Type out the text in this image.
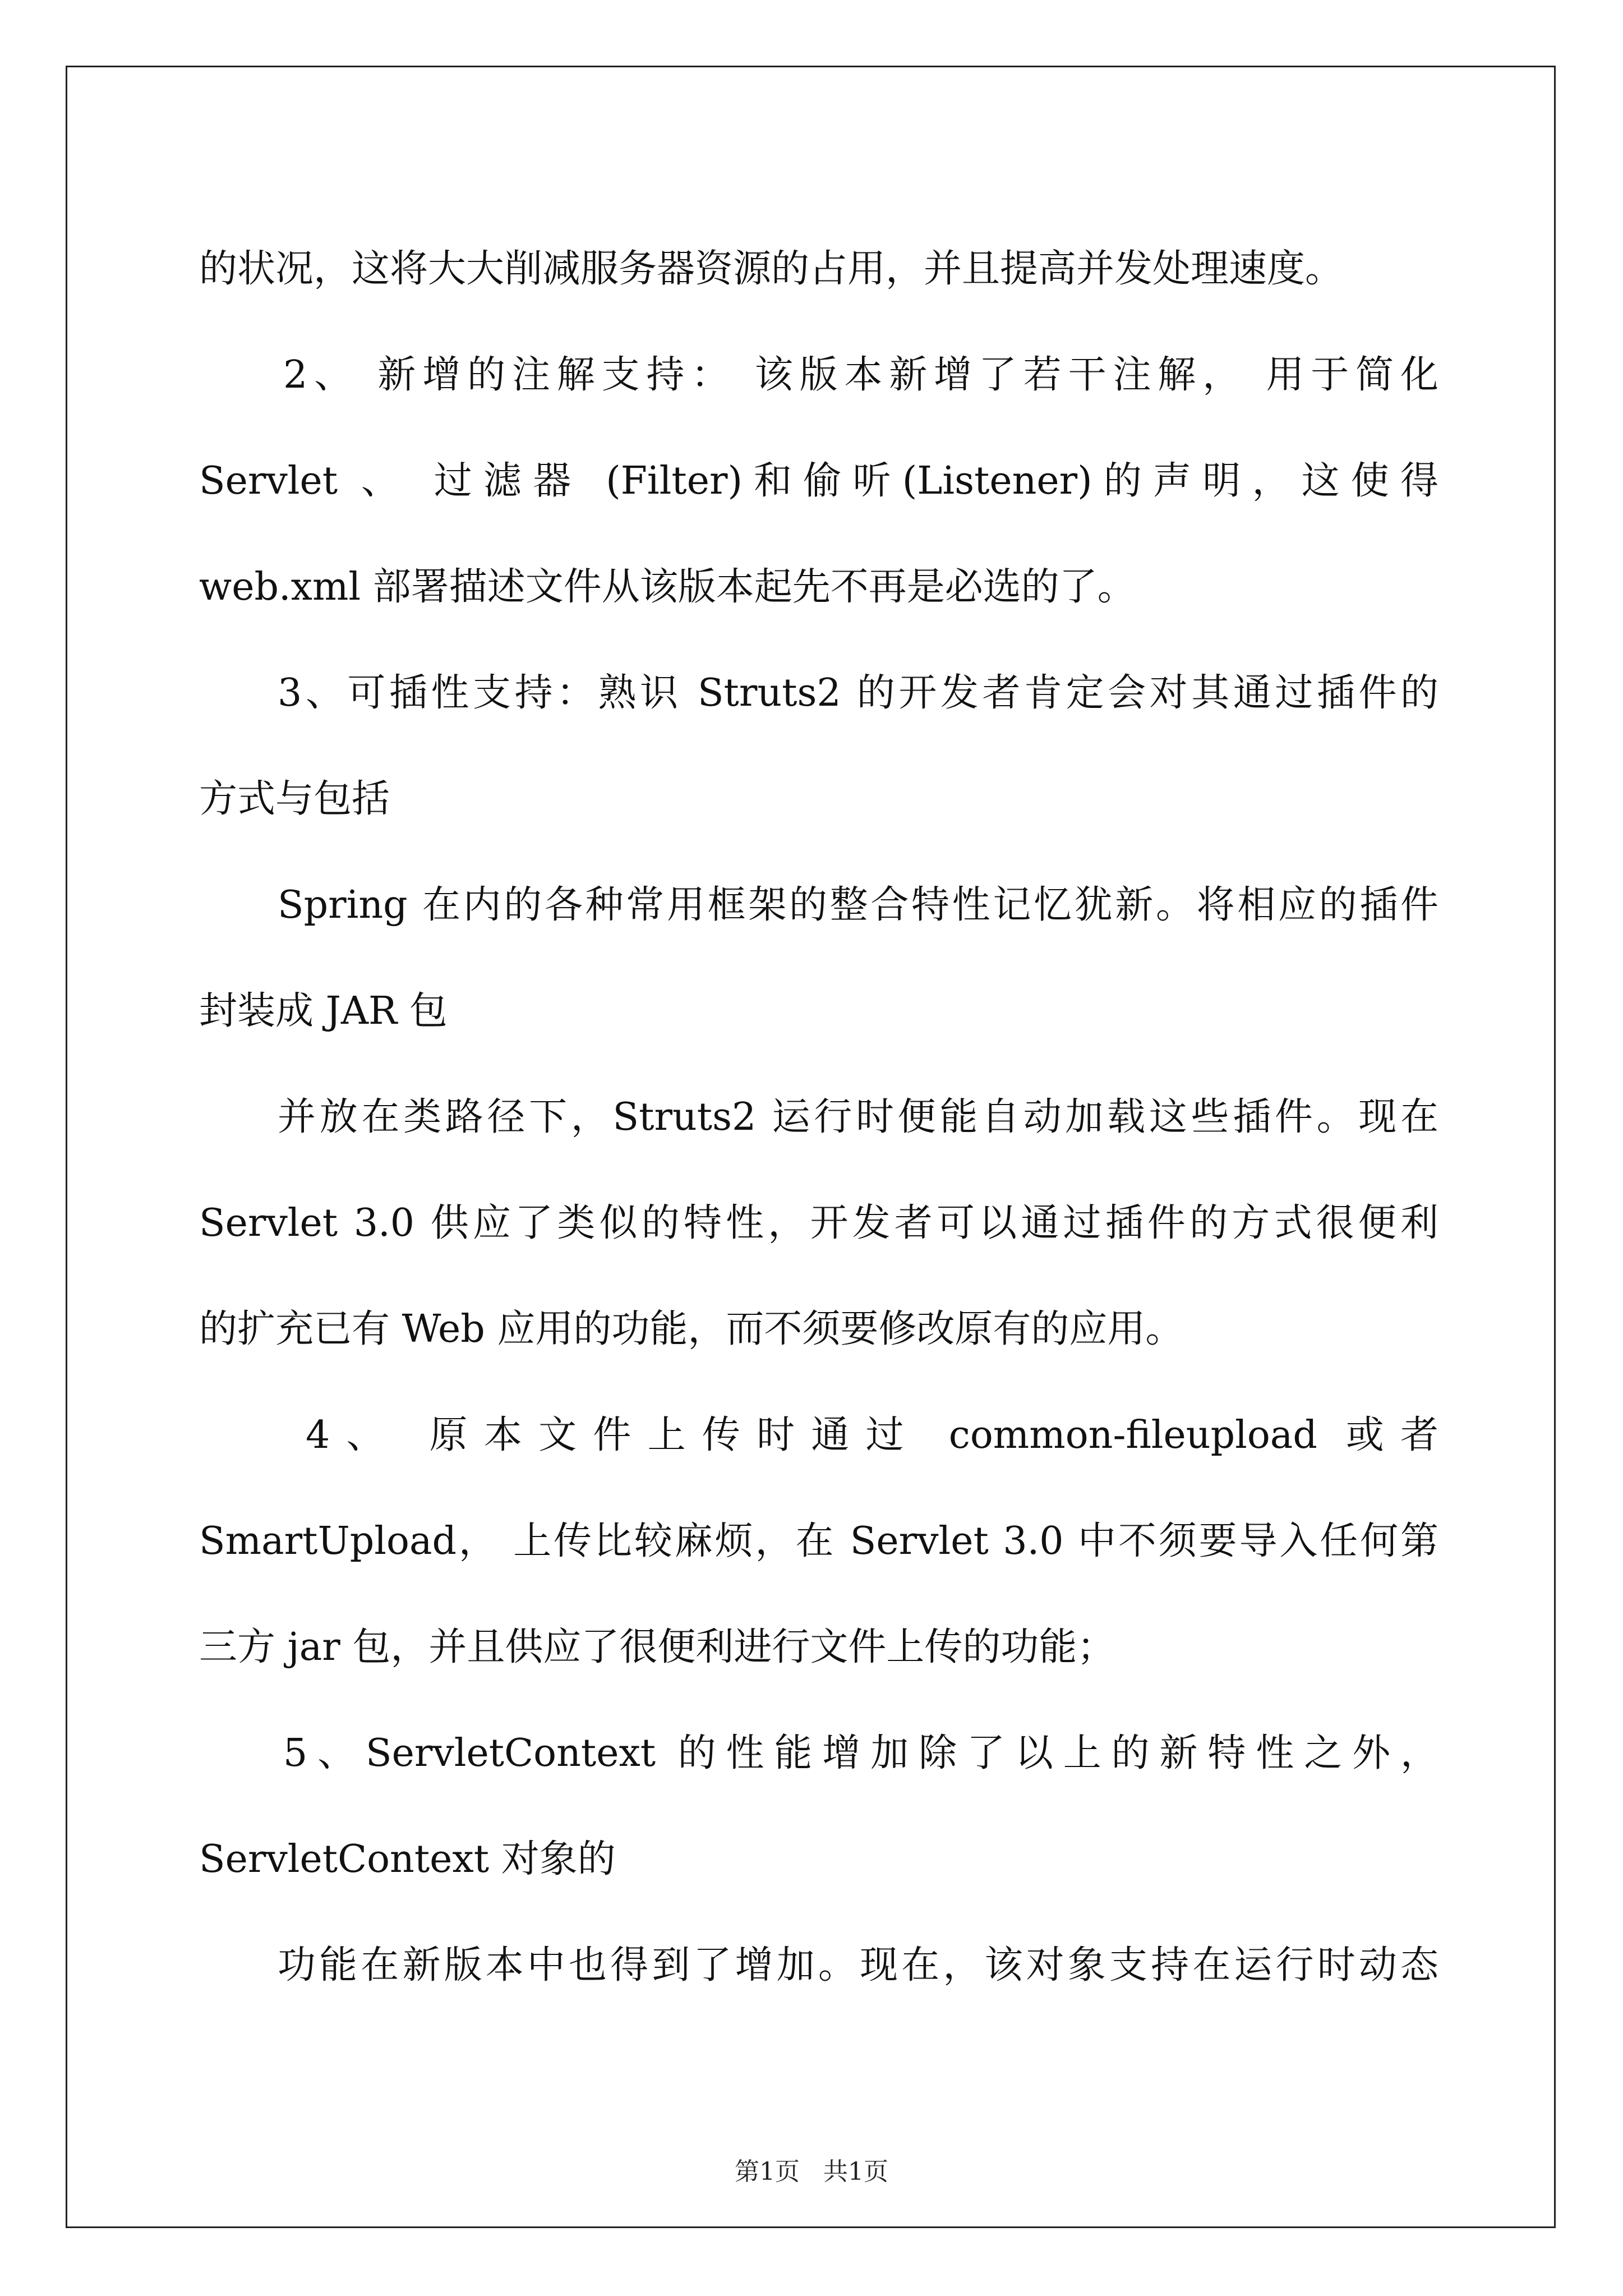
的状况，这将大大削减服务器资源的占用，并且提高并发处理速度。
2、 新增的注解支持： 该版本新增了若干注解， 用于简化
Servlet 、 过滤器 (Filter)和偷听(Listener)的声明，这使得
web.xml 部署描述文件从该版本起先不再是必选的了。
3、可插性支持：熟识 Struts2 的开发者肯定会对其通过插件的
方式与包括
Spring 在内的各种常用框架的整合特性记忆犹新。将相应的插件
封装成 JAR 包
并放在类路径下，Struts2 运行时便能自动加载这些插件。现在
Servlet 3.0 供应了类似的特性，开发者可以通过插件的方式很便利
的扩充已有 Web 应用的功能，而不须要修改原有的应用。
4、 原本文件上传时通过 common-fileupload 或者
SmartUpload， 上传比较麻烦，在 Servlet 3.0 中不须要导入任何第
三方 jar 包，并且供应了很便利进行文件上传的功能；
5、ServletContext 的性能增加除了以上的新特性之外，
ServletContext 对象的
功能在新版本中也得到了增加。现在，该对象支持在运行时动态
第1页   共1页
